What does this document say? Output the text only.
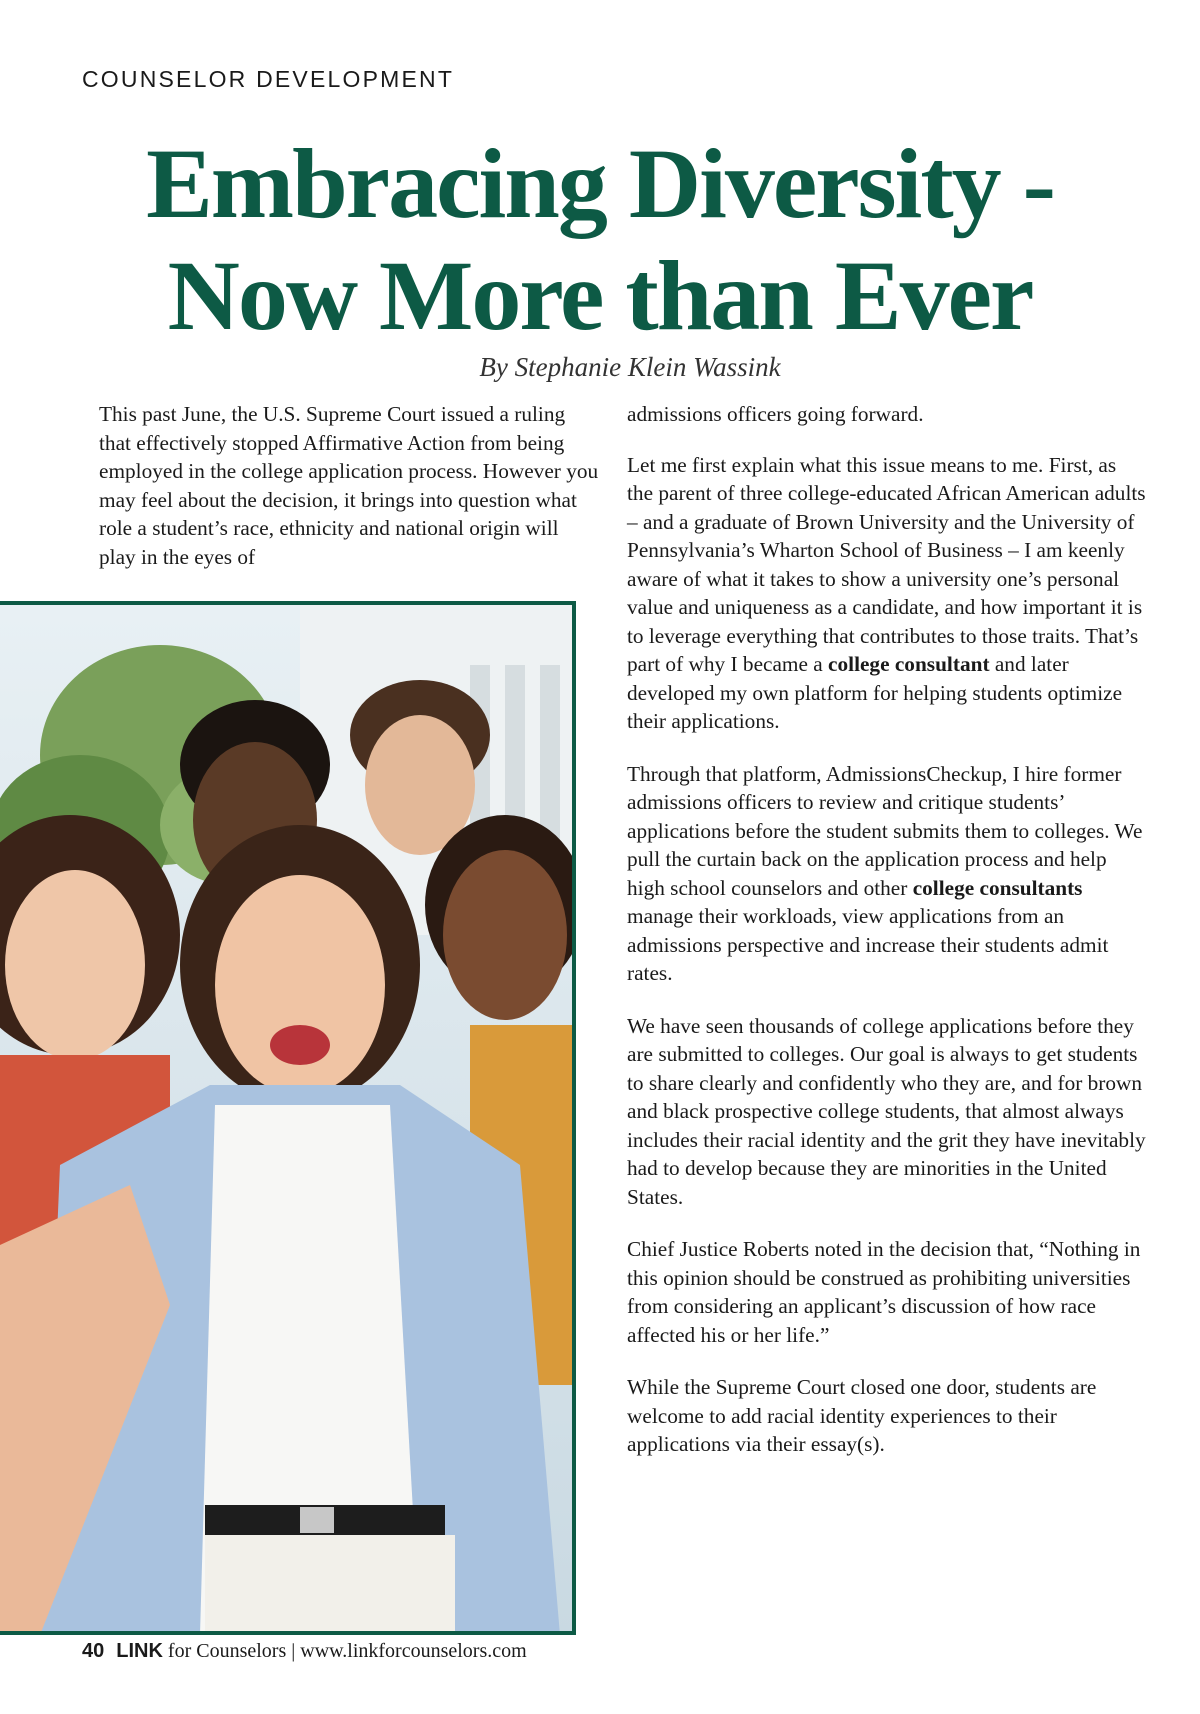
COUNSELOR DEVELOPMENT
Embracing Diversity -
Now More than Ever
By Stephanie Klein Wassink

This past June, the U.S. Supreme Court issued a ruling that effectively stopped Affirmative Action from being employed in the college application process. However you may feel about the decision, it brings into question what role a student’s race, ethnicity and national origin will play in the eyes of

admissions officers going forward.

Let me first explain what this issue means to me. First, as the parent of three college-educated African American adults – and a graduate of Brown University and the University of Pennsylvania’s Wharton School of Business – I am keenly aware of what it takes to show a university one’s personal value and uniqueness as a candidate, and how important it is to leverage everything that contributes to those traits. That’s part of why I became a college consultant and later developed my own platform for helping students optimize their applications.

Through that platform, AdmissionsCheckup, I hire former admissions officers to review and critique students’ applications before the student submits them to colleges. We pull the curtain back on the application process and help high school counselors and other college consultants manage their workloads, view applications from an admissions perspective and increase their students admit rates.

We have seen thousands of college applications before they are submitted to colleges. Our goal is always to get students to share clearly and confidently who they are, and for brown and black prospective college students, that almost always includes their racial identity and the grit they have inevitably had to develop because they are minorities in the United States.

Chief Justice Roberts noted in the decision that, “Nothing in this opinion should be construed as prohibiting universities from considering an applicant’s discussion of how race affected his or her life.”

While the Supreme Court closed one door, students are welcome to add racial identity experiences to their applications via their essay(s).

40 LINK for Counselors | www.linkforcounselors.com
